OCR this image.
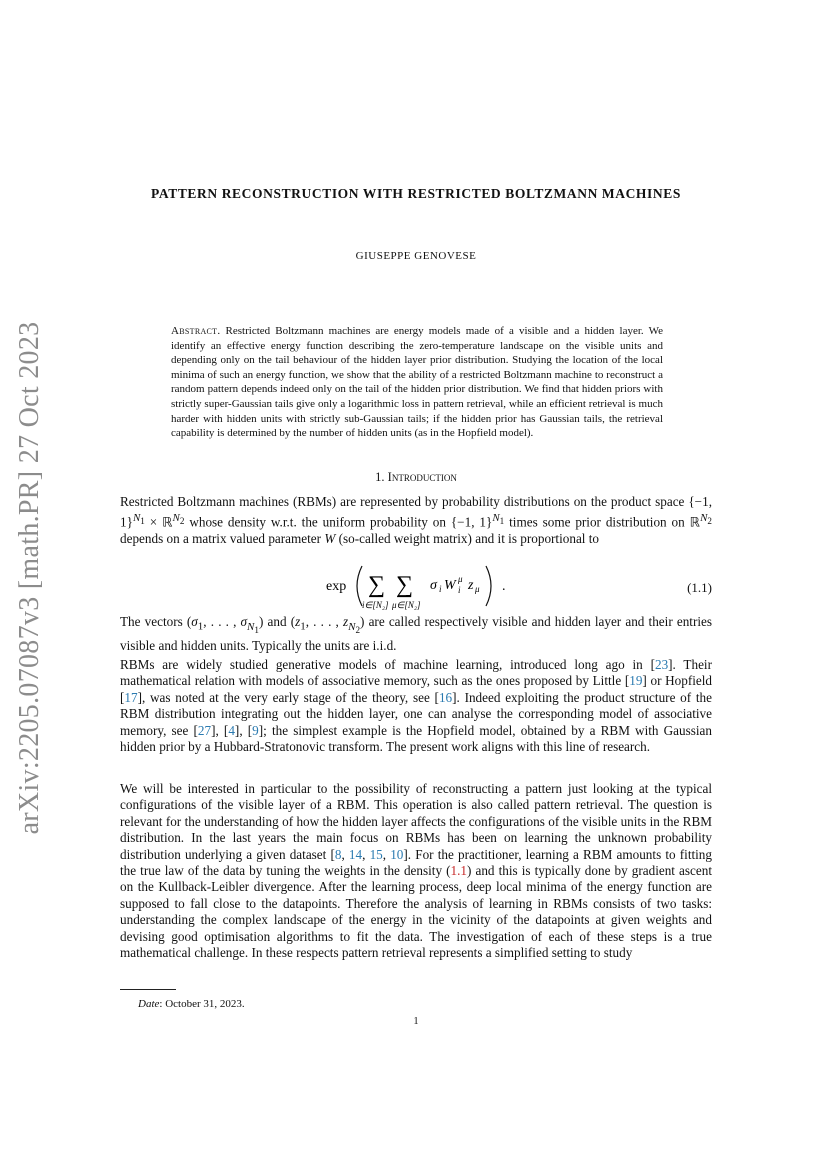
arXiv:2205.07087v3 [math.PR] 27 Oct 2023
PATTERN RECONSTRUCTION WITH RESTRICTED BOLTZMANN MACHINES
GIUSEPPE GENOVESE
Abstract. Restricted Boltzmann machines are energy models made of a visible and a hidden layer. We identify an effective energy function describing the zero-temperature landscape on the visible units and depending only on the tail behaviour of the hidden layer prior distribution. Studying the location of the local minima of such an energy function, we show that the ability of a restricted Boltzmann machine to reconstruct a random pattern depends indeed only on the tail of the hidden prior distribution. We find that hidden priors with strictly super-Gaussian tails give only a logarithmic loss in pattern retrieval, while an efficient retrieval is much harder with hidden units with strictly sub-Gaussian tails; if the hidden prior has Gaussian tails, the retrieval capability is determined by the number of hidden units (as in the Hopfield model).
1. Introduction
Restricted Boltzmann machines (RBMs) are represented by probability distributions on the product space {−1, 1}$^{N_1}$ × ℝ$^{N_2}$ whose density w.r.t. the uniform probability on {−1, 1}$^{N_1}$ times some prior distribution on ℝ$^{N_2}$ depends on a matrix valued parameter W (so-called weight matrix) and it is proportional to
exp ∑
i∈[N₂]
∑
μ∈[N₂]
σ i W μ
i z μ .	(1.1)
The vectors ($\sigma_1$, . . . , $\sigma_{N_1}$) and ($z_1$, . . . , $z_{N_2}$) are called respectively visible and hidden layer and their entries visible and hidden units. Typically the units are i.i.d.
RBMs are widely studied generative models of machine learning, introduced long ago in [23]. Their mathematical relation with models of associative memory, such as the ones proposed by Little [19] or Hopfield [17], was noted at the very early stage of the theory, see [16]. Indeed exploiting the product structure of the RBM distribution integrating out the hidden layer, one can analyse the corresponding model of associative memory, see [27], [4], [9]; the simplest example is the Hopfield model, obtained by a RBM with Gaussian hidden prior by a Hubbard-Stratonovic transform. The present work aligns with this line of research.
We will be interested in particular to the possibility of reconstructing a pattern just looking at the typical configurations of the visible layer of a RBM. This operation is also called pattern retrieval. The question is relevant for the understanding of how the hidden layer affects the configurations of the visible units in the RBM distribution. In the last years the main focus on RBMs has been on learning the unknown probability distribution underlying a given dataset [8, 14, 15, 10]. For the practitioner, learning a RBM amounts to fitting the true law of the data by tuning the weights in the density (1.1) and this is typically done by gradient ascent on the Kullback-Leibler divergence. After the learning process, deep local minima of the energy function are supposed to fall close to the datapoints. Therefore the analysis of learning in RBMs consists of two tasks: understanding the complex landscape of the energy in the vicinity of the datapoints at given weights and devising good optimisation algorithms to fit the data. The investigation of each of these steps is a true mathematical challenge. In these respects pattern retrieval represents a simplified setting to study
Date: October 31, 2023.
1
